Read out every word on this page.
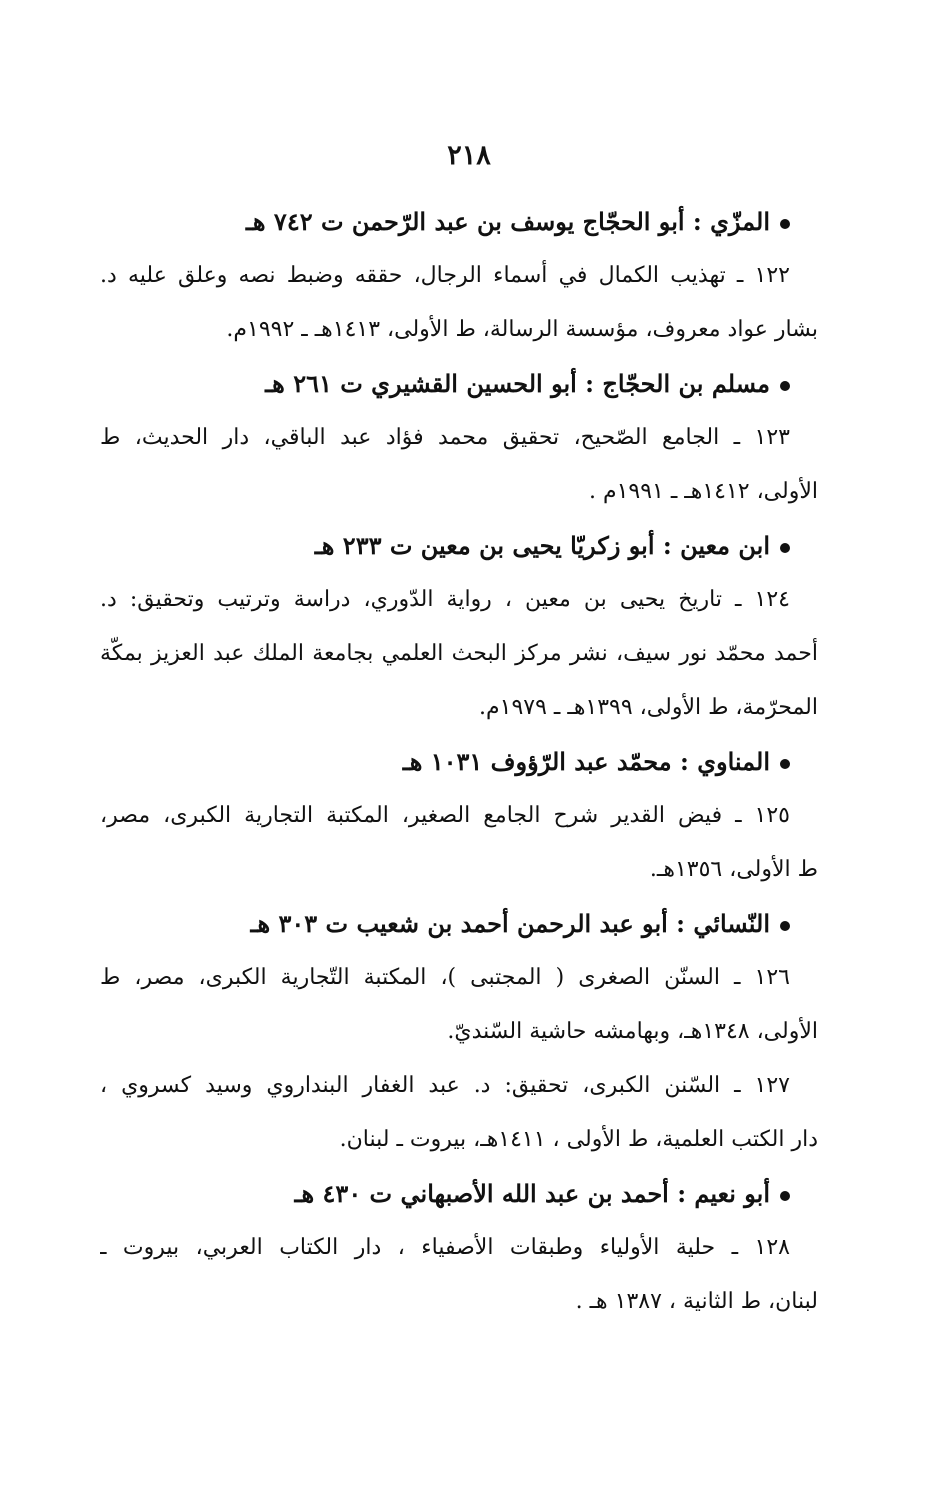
٢١٨
المزّي : أبو الحجّاج يوسف بن عبد الرّحمن ت ٧٤٢ هـ
١٢٢ ـ تهذيب الكمال في أسماء الرجال، حققه وضبط نصه وعلق عليه د.
بشار عواد معروف، مؤسسة الرسالة، ط الأولى، ١٤١٣هـ ـ ١٩٩٢م.
مسلم بن الحجّاج : أبو الحسين القشيري ت ٢٦١ هـ
١٢٣ ـ الجامع الصّحيح، تحقيق محمد فؤاد عبد الباقي، دار الحديث، ط
الأولى، ١٤١٢هـ ـ ١٩٩١م .
ابن معين : أبو زكريّا يحيى بن معين ت ٢٣٣ هـ
١٢٤ ـ تاريخ يحيى بن معين ، رواية الدّوري، دراسة وترتيب وتحقيق: د.
أحمد محمّد نور سيف، نشر مركز البحث العلمي بجامعة الملك عبد العزيز بمكّة
المحرّمة، ط الأولى، ١٣٩٩هـ ـ ١٩٧٩م.
المناوي : محمّد عبد الرّؤوف ١٠٣١ هـ
١٢٥ ـ فيض القدير شرح الجامع الصغير، المكتبة التجارية الكبرى، مصر،
ط الأولى، ١٣٥٦هـ.
النّسائي : أبو عبد الرحمن أحمد بن شعيب ت ٣٠٣ هـ
١٢٦ ـ السنّن الصغرى ( المجتبى )، المكتبة التّجارية الكبرى، مصر، ط
الأولى، ١٣٤٨هـ، وبهامشه حاشية السّنديّ.
١٢٧ ـ السّنن الكبرى، تحقيق: د. عبد الغفار البنداروي وسيد كسروي ،
دار الكتب العلمية، ط الأولى ، ١٤١١هـ، بيروت ـ لبنان.
أبو نعيم : أحمد بن عبد الله الأصبهاني ت ٤٣٠ هـ
١٢٨ ـ حلية الأولياء وطبقات الأصفياء ، دار الكتاب العربي، بيروت ـ
لبنان، ط الثانية ، ١٣٨٧ هـ .
